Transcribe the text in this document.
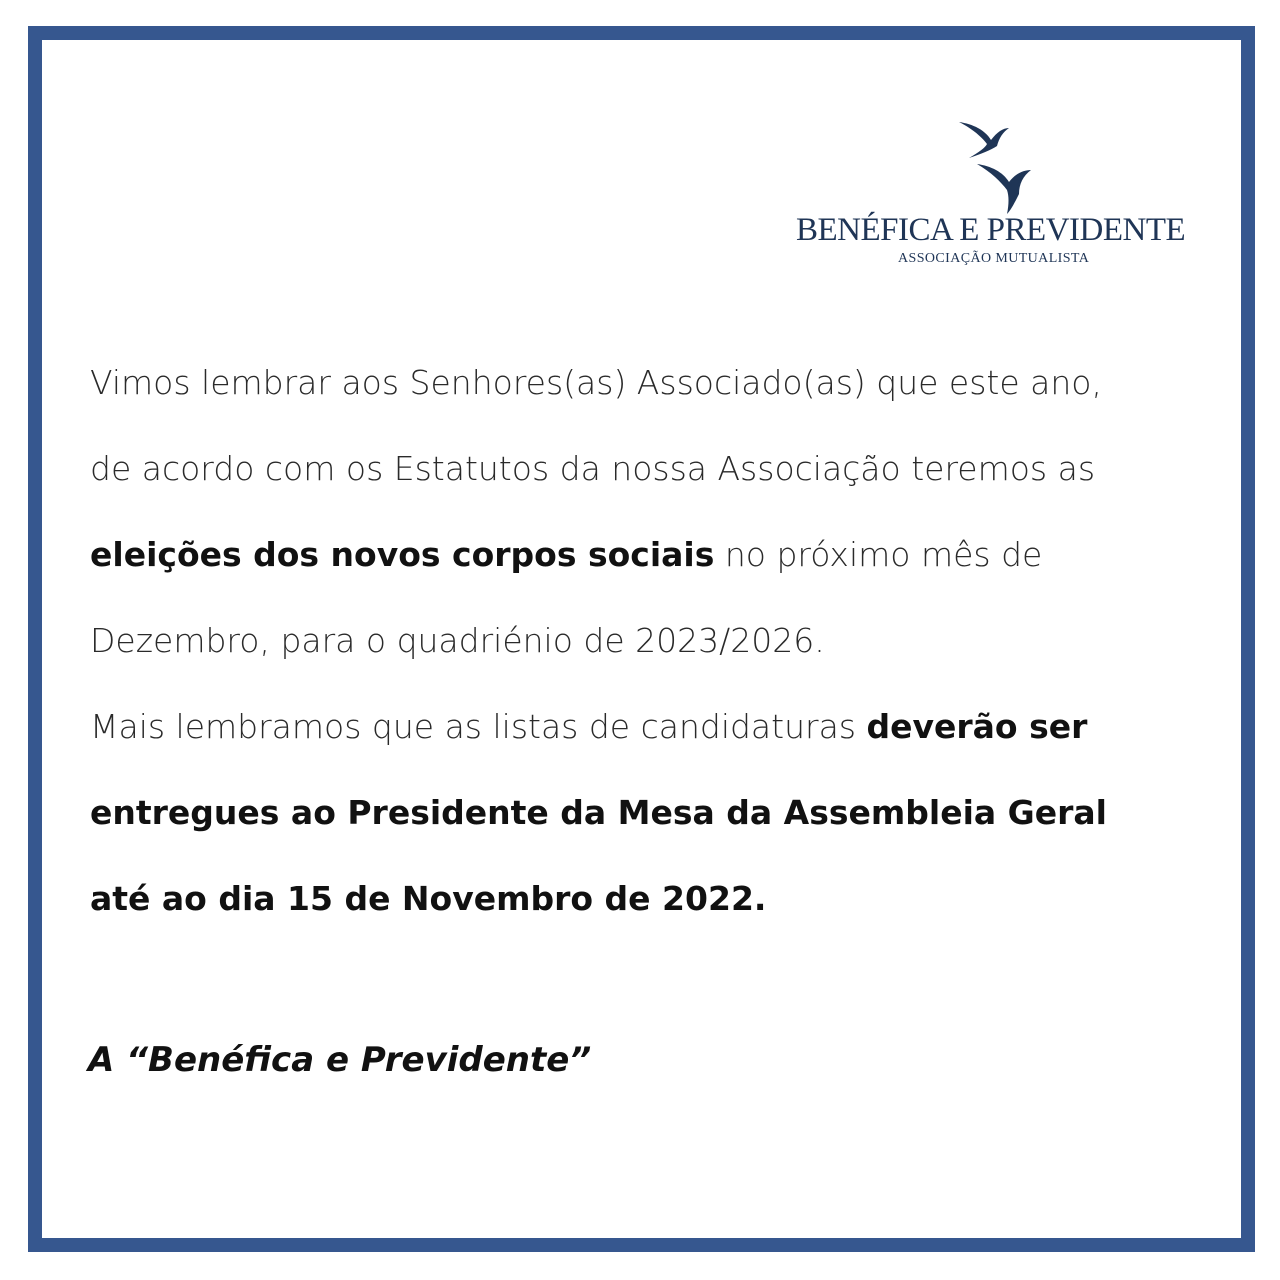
BENÉFICA E PREVIDENTE
ASSOCIAÇÃO MUTUALISTA
Vimos lembrar aos Senhores(as) Associado(as) que este ano,
de acordo com os Estatutos da nossa Associação teremos as
eleições dos novos corpos sociais no próximo mês de
Dezembro, para o quadriénio de 2023/2026.
Mais lembramos que as listas de candidaturas deverão ser
entregues ao Presidente da Mesa da Assembleia Geral
até ao dia 15 de Novembro de 2022.
A “Benéfica e Previdente”
